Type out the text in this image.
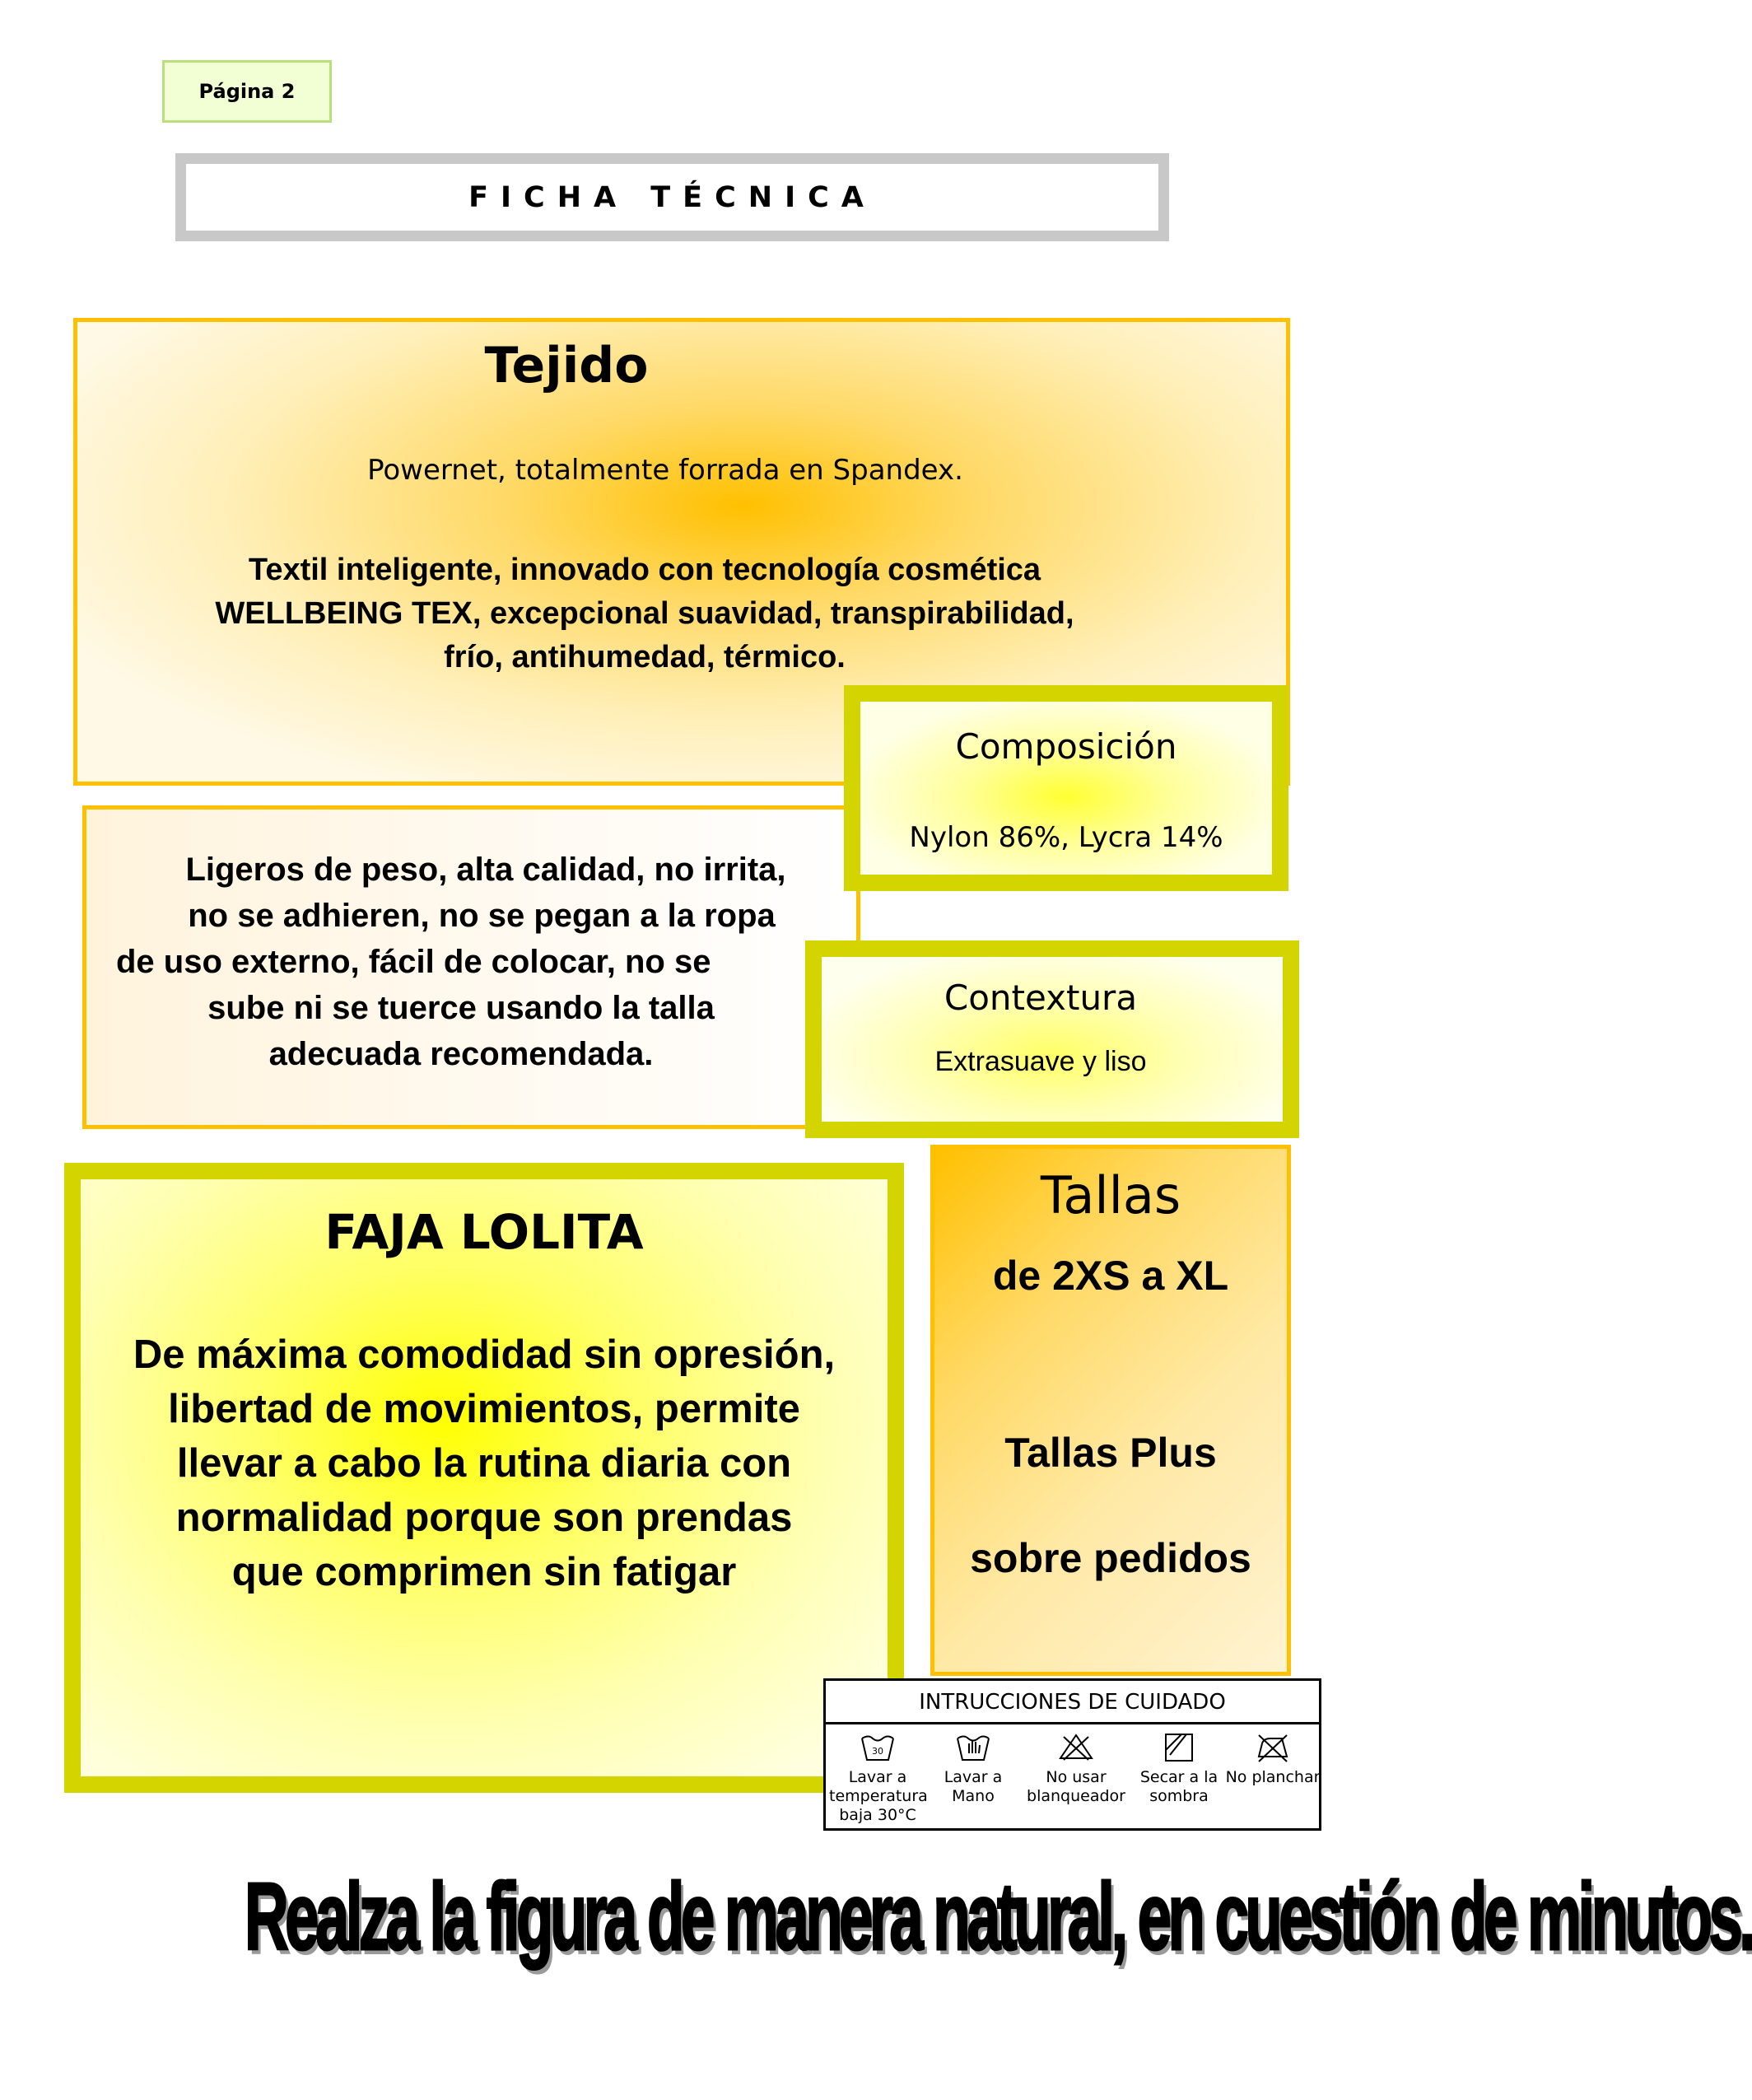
Página 2
FICHA TÉCNICA
Tejido
Powernet, totalmente forrada en Spandex.
Textil inteligente, innovado con tecnología cosmética
WELLBEING TEX, excepcional suavidad, transpirabilidad,
frío, antihumedad, térmico.
Ligeros de peso, alta calidad, no irrita,
no se adhieren, no se pegan a la ropa
de uso externo, fácil de colocar, no se
sube ni se tuerce usando la talla
adecuada recomendada.
Composición
Nylon 86%, Lycra 14%
Contextura
Extrasuave y liso
FAJA LOLITA
De máxima comodidad sin opresión,
libertad de movimientos, permite
llevar a cabo la rutina diaria con
normalidad porque son prendas
que comprimen sin fatigar
Tallas
de 2XS a XL
Tallas Plus
sobre pedidos
INTRUCCIONES DE CUIDADO
30
Lavar a temperatura baja 30°C
Lavar a Mano
No usar blanqueador
Secar a la sombra
No planchar
Realza la figura de manera natural, en cuestión de minutos.
